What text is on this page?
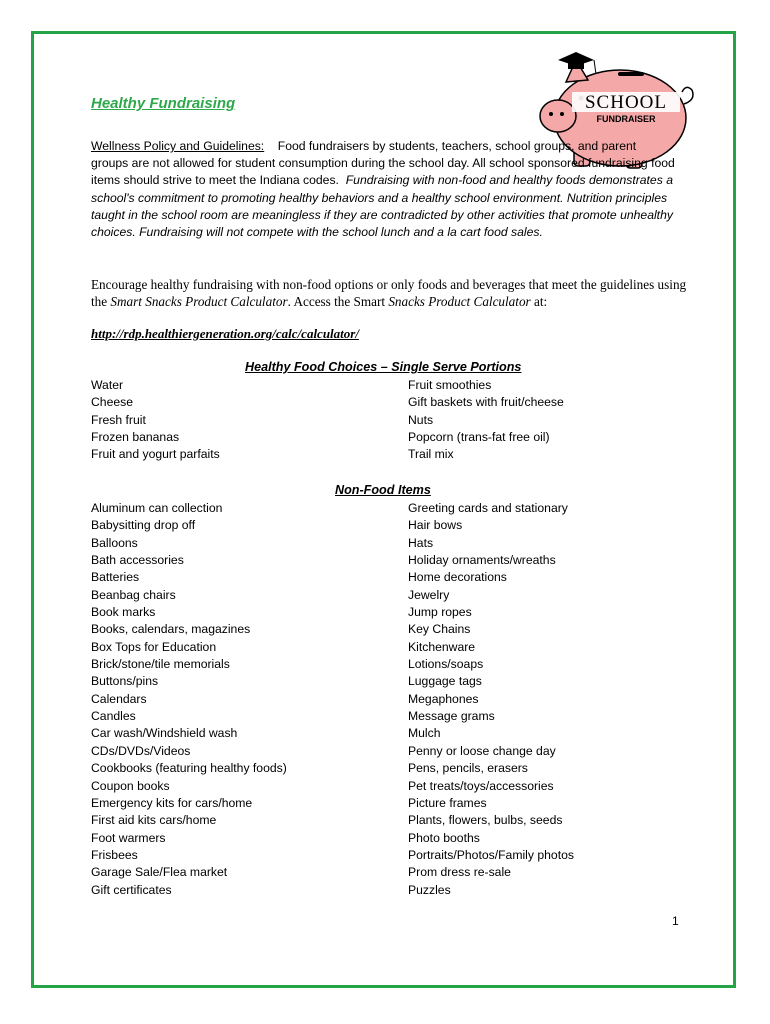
SCHOOL
FUNDRAISER
Healthy Fundraising
Wellness Policy and Guidelines: Food fundraisers by students, teachers, school groups, and parent groups are not allowed for student consumption during the school day. All school sponsored fundraising food items should strive to meet the Indiana codes. Fundraising with non-food and healthy foods demonstrates a school's commitment to promoting healthy behaviors and a healthy school environment. Nutrition principles taught in the school room are meaningless if they are contradicted by other activities that promote unhealthy choices. Fundraising will not compete with the school lunch and a la cart food sales.
Encourage healthy fundraising with non-food options or only foods and beverages that meet the guidelines using the Smart Snacks Product Calculator. Access the Smart Snacks Product Calculator at:
http://rdp.healthiergeneration.org/calc/calculator/
Healthy Food Choices – Single Serve Portions
Water
Cheese
Fresh fruit
Frozen bananas
Fruit and yogurt parfaits
Fruit smoothies
Gift baskets with fruit/cheese
Nuts
Popcorn (trans-fat free oil)
Trail mix
Non-Food Items
Aluminum can collection
Babysitting drop off
Balloons
Bath accessories
Batteries
Beanbag chairs
Book marks
Books, calendars, magazines
Box Tops for Education
Brick/stone/tile memorials
Buttons/pins
Calendars
Candles
Car wash/Windshield wash
CDs/DVDs/Videos
Cookbooks (featuring healthy foods)
Coupon books
Emergency kits for cars/home
First aid kits cars/home
Foot warmers
Frisbees
Garage Sale/Flea market
Gift certificates
Greeting cards and stationary
Hair bows
Hats
Holiday ornaments/wreaths
Home decorations
Jewelry
Jump ropes
Key Chains
Kitchenware
Lotions/soaps
Luggage tags
Megaphones
Message grams
Mulch
Penny or loose change day
Pens, pencils, erasers
Pet treats/toys/accessories
Picture frames
Plants, flowers, bulbs, seeds
Photo booths
Portraits/Photos/Family photos
Prom dress re-sale
Puzzles
1
